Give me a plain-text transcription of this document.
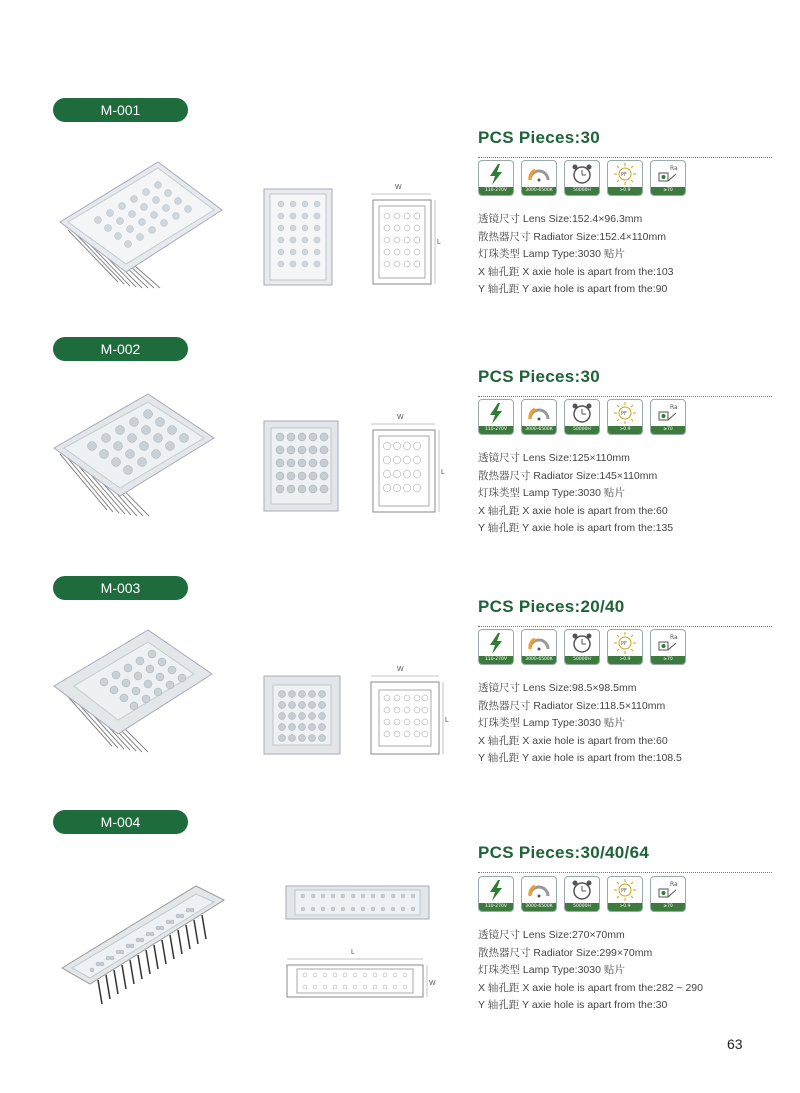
M-001
W
L
PCS Pieces:30
110-270V	3000-6500K	50000H
PF
>0.9
Ra
≥70
透镜尺寸 Lens Size:152.4×96.3mm
散热器尺寸 Radiator Size:152.4×110mm
灯珠类型 Lamp Type:3030 贴片
X 轴孔距 X axie hole is apart from the:103
Y 轴孔距 Y axie hole is apart from the:90
M-002
W
L
PCS Pieces:30
110-270V	3000-6500K	50000H
PF
>0.9
Ra
≥70
透镜尺寸 Lens Size:125×110mm
散热器尺寸 Radiator Size:145×110mm
灯珠类型 Lamp Type:3030 贴片
X 轴孔距 X axie hole is apart from the:60
Y 轴孔距 Y axie hole is apart from the:135
M-003
W
L
PCS Pieces:20/40
110-270V	3000-6500K	50000H
PF
>0.9
Ra
≥70
透镜尺寸 Lens Size:98.5×98.5mm
散热器尺寸 Radiator Size:118.5×110mm
灯珠类型 Lamp Type:3030 贴片
X 轴孔距 X axie hole is apart from the:60
Y 轴孔距 Y axie hole is apart from the:108.5
M-004
L
W
PCS Pieces:30/40/64
110-270V	3000-6500K	50000H
PF
>0.9
Ra
≥70
透镜尺寸 Lens Size:270×70mm
散热器尺寸 Radiator Size:299×70mm
灯珠类型 Lamp Type:3030 贴片
X 轴孔距 X axie hole is apart from the:282 ~ 290
Y 轴孔距 Y axie hole is apart from the:30
63
